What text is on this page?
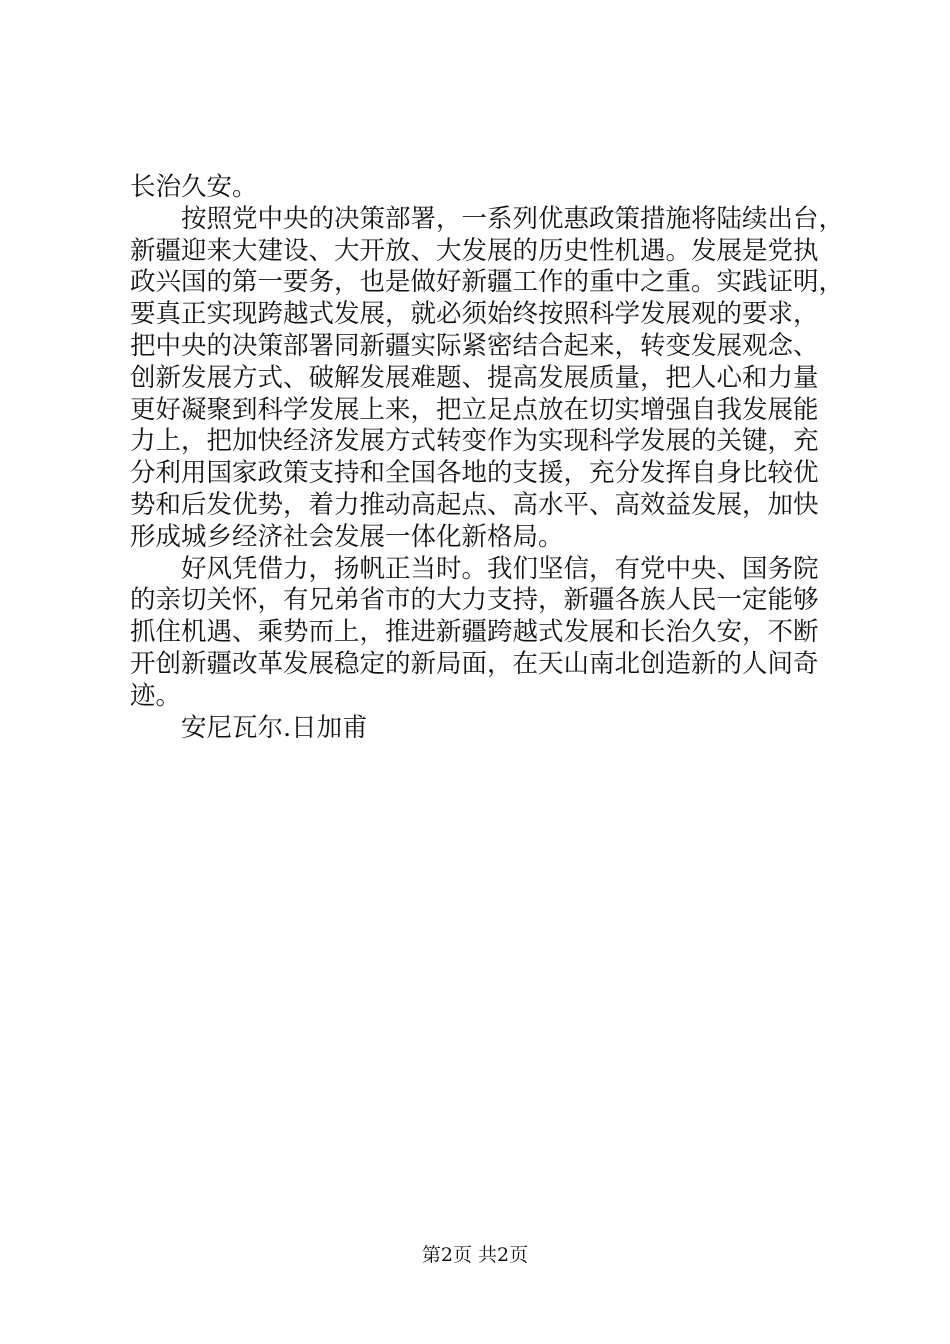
长治久安。
按照党中央的决策部署，一系列优惠政策措施将陆续出台，
新疆迎来大建设、大开放、大发展的历史性机遇。发展是党执
政兴国的第一要务，也是做好新疆工作的重中之重。实践证明，
要真正实现跨越式发展，就必须始终按照科学发展观的要求，
把中央的决策部署同新疆实际紧密结合起来，转变发展观念、
创新发展方式、破解发展难题、提高发展质量，把人心和力量
更好凝聚到科学发展上来，把立足点放在切实增强自我发展能
力上，把加快经济发展方式转变作为实现科学发展的关键，充
分利用国家政策支持和全国各地的支援，充分发挥自身比较优
势和后发优势，着力推动高起点、高水平、高效益发展，加快
形成城乡经济社会发展一体化新格局。
好风凭借力，扬帆正当时。我们坚信，有党中央、国务院
的亲切关怀，有兄弟省市的大力支持，新疆各族人民一定能够
抓住机遇、乘势而上，推进新疆跨越式发展和长治久安，不断
开创新疆改革发展稳定的新局面，在天山南北创造新的人间奇
迹。
安尼瓦尔.日加甫
第2页 共2页
